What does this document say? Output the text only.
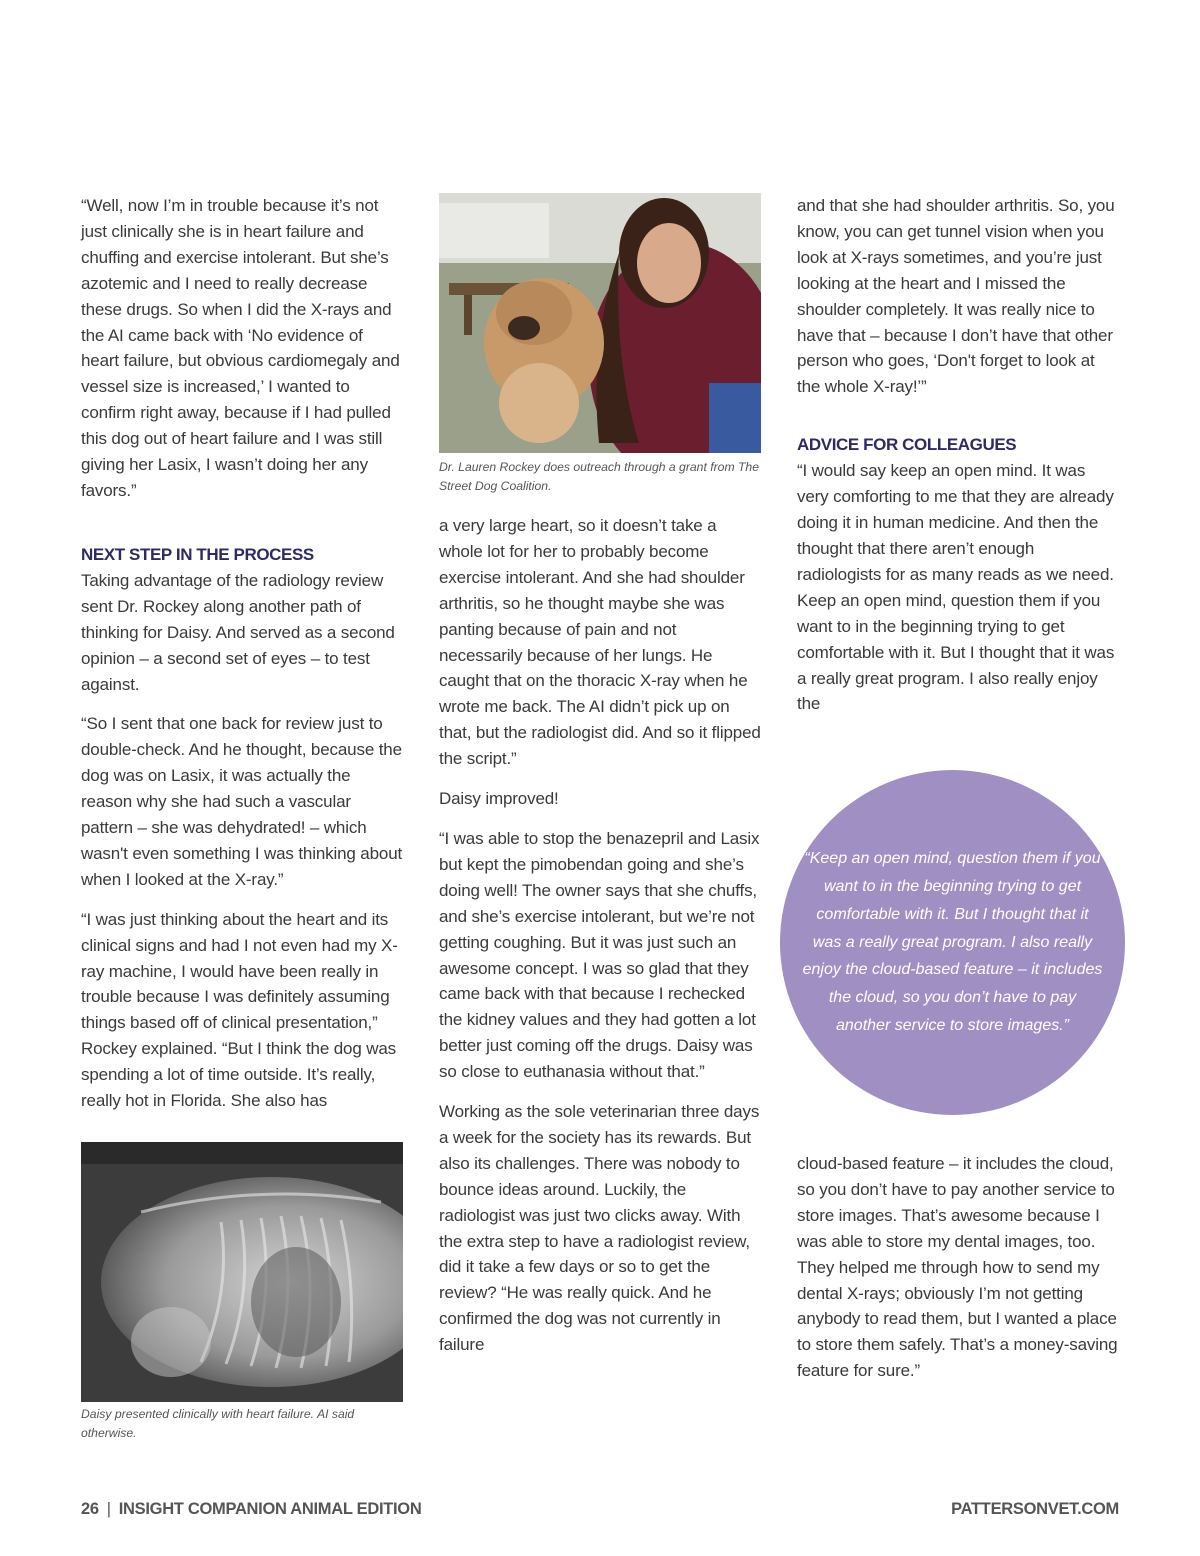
“Well, now I’m in trouble because it’s not just clinically she is in heart failure and chuffing and exercise intolerant. But she’s azotemic and I need to really decrease these drugs. So when I did the X-rays and the AI came back with ‘No evidence of heart failure, but obvious cardiomegaly and vessel size is increased,’ I wanted to confirm right away, because if I had pulled this dog out of heart failure and I was still giving her Lasix, I wasn’t doing her any favors.”

NEXT STEP IN THE PROCESS

Taking advantage of the radiology review sent Dr. Rockey along another path of thinking for Daisy. And served as a second opinion – a second set of eyes – to test against.

“So I sent that one back for review just to double-check. And he thought, because the dog was on Lasix, it was actually the reason why she had such a vascular pattern – she was dehydrated! – which wasn't even something I was thinking about when I looked at the X-ray.”

“I was just thinking about the heart and its clinical signs and had I not even had my X-ray machine, I would have been really in trouble because I was definitely assuming things based off of clinical presentation,” Rockey explained. “But I think the dog was spending a lot of time outside. It’s really, really hot in Florida. She also has

Daisy presented clinically with heart failure. AI said otherwise.

Dr. Lauren Rockey does outreach through a grant from The Street Dog Coalition.

a very large heart, so it doesn’t take a whole lot for her to probably become exercise intolerant. And she had shoulder arthritis, so he thought maybe she was panting because of pain and not necessarily because of her lungs. He caught that on the thoracic X-ray when he wrote me back. The AI didn’t pick up on that, but the radiologist did. And so it flipped the script.”

Daisy improved!

“I was able to stop the benazepril and Lasix but kept the pimobendan going and she’s doing well! The owner says that she chuffs, and she’s exercise intolerant, but we’re not getting coughing. But it was just such an awesome concept. I was so glad that they came back with that because I rechecked the kidney values and they had gotten a lot better just coming off the drugs. Daisy was so close to euthanasia without that.”

Working as the sole veterinarian three days a week for the society has its rewards. But also its challenges. There was nobody to bounce ideas around. Luckily, the radiologist was just two clicks away. With the extra step to have a radiologist review, did it take a few days or so to get the review? “He was really quick. And he confirmed the dog was not currently in failure

and that she had shoulder arthritis. So, you know, you can get tunnel vision when you look at X-rays sometimes, and you’re just looking at the heart and I missed the shoulder completely. It was really nice to have that – because I don’t have that other person who goes, ‘Don't forget to look at the whole X-ray!’”

ADVICE FOR COLLEAGUES

“I would say keep an open mind. It was very comforting to me that they are already doing it in human medicine. And then the thought that there aren’t enough radiologists for as many reads as we need. Keep an open mind, question them if you want to in the beginning trying to get comfortable with it. But I thought that it was a really great program. I also really enjoy the

“Keep an open mind, question them if you want to in the beginning trying to get comfortable with it. But I thought that it was a really great program. I also really enjoy the cloud-based feature – it includes the cloud, so you don’t have to pay another service to store images.”

cloud-based feature – it includes the cloud, so you don’t have to pay another service to store images. That’s awesome because I was able to store my dental images, too. They helped me through how to send my dental X-rays; obviously I’m not getting anybody to read them, but I wanted a place to store them safely. That’s a money-saving feature for sure.”

26 | INSIGHT COMPANION ANIMAL EDITION	PATTERSONVET.COM
